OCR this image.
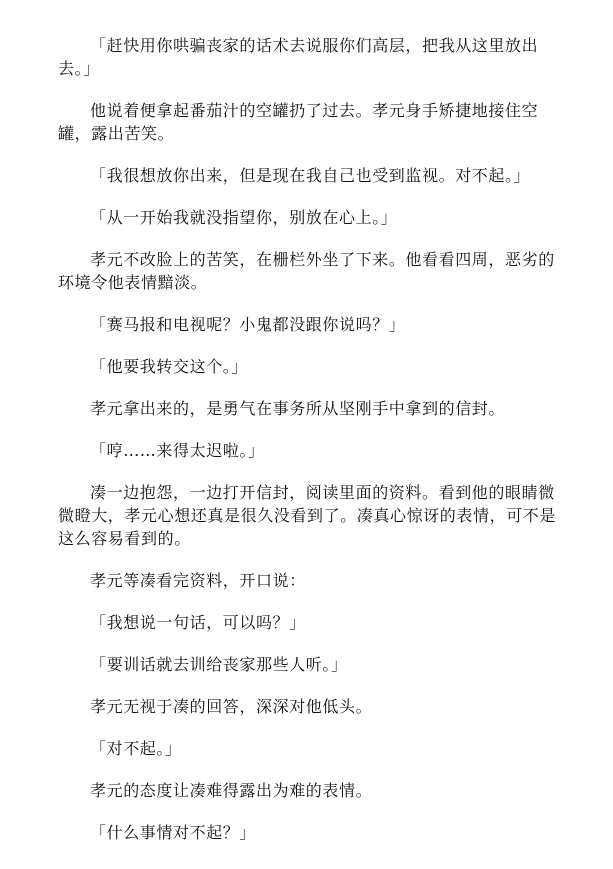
「赶快用你哄骗丧家的话术去说服你们高层，把我从这里放出去。」

他说着便拿起番茄汁的空罐扔了过去。孝元身手矫捷地接住空罐，露出苦笑。

「我很想放你出来，但是现在我自己也受到监视。对不起。」

「从一开始我就没指望你，别放在心上。」

孝元不改脸上的苦笑，在栅栏外坐了下来。他看看四周，恶劣的环境令他表情黯淡。

「赛马报和电视呢？小鬼都没跟你说吗？」

「他要我转交这个。」

孝元拿出来的，是勇气在事务所从坚刚手中拿到的信封。

「哼……来得太迟啦。」

凑一边抱怨，一边打开信封，阅读里面的资料。看到他的眼睛微微瞪大，孝元心想还真是很久没看到了。凑真心惊讶的表情，可不是这么容易看到的。

孝元等凑看完资料，开口说：

「我想说一句话，可以吗？」

「要训话就去训给丧家那些人听。」

孝元无视于凑的回答，深深对他低头。

「对不起。」

孝元的态度让凑难得露出为难的表情。

「什么事情对不起？」
